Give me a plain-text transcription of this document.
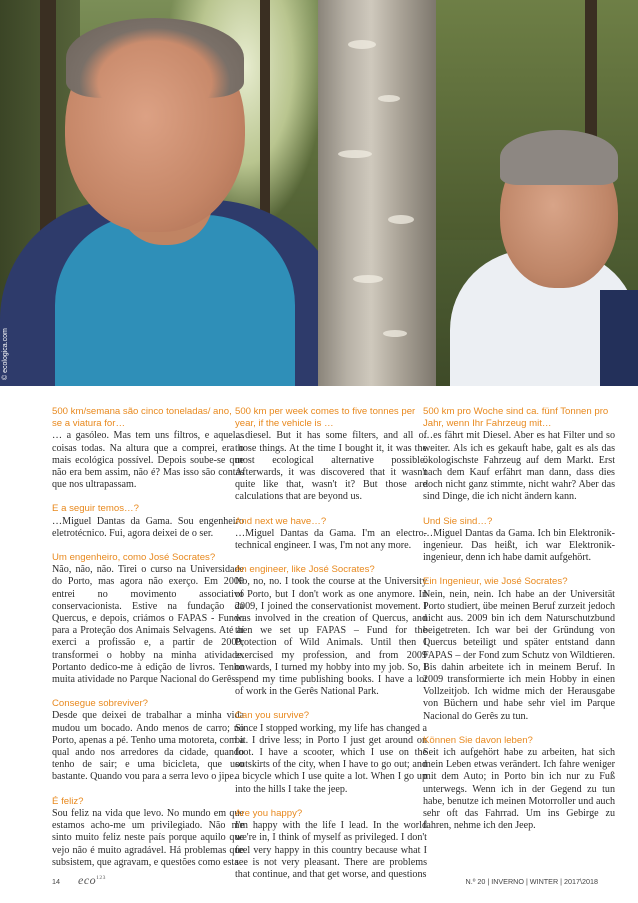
500 km/semana são cinco toneladas/ ano, se a viatura for…
… a gasóleo. Mas tem uns filtros, e aquelas coisas todas. Na altura que a comprei, era o mais ecológica possível. Depois soube-se que não era bem assim, não é? Mas isso são contas que nos ultrapassam.
E a seguir temos…?
…Miguel Dantas da Gama. Sou engenheiro eletrotécnico. Fui, agora deixei de o ser.
Um engenheiro, como José Socrates?
Não, não, não. Tirei o curso na Universidade do Porto, mas agora não exerço. Em 2009 entrei no movimento associativo conservacionista. Estive na fundação da Quercus, e depois, criámos o FAPAS - Fundo para a Proteção dos Animais Selvagens. Até aí exerci a profissão e, a partir de 2009, transformei o hobby na minha atividade. Portanto dedico-me à edição de livros. Tenho muita atividade no Parque Nacional do Gerês.
Consegue sobreviver?
Desde que deixei de trabalhar a minha vida mudou um bocado. Ando menos de carro; no Porto, apenas a pé. Tenho uma motoreta, com a qual ando nos arredores da cidade, quando tenho de sair; e uma bicicleta, que uso bastante. Quando vou para a serra levo o jipe.
É feliz?
Sou feliz na vida que levo. No mundo em que estamos acho-me um privilegiado. Não me sinto muito feliz neste país porque aquilo que vejo não é muito agradável. Há problemas que subsistem, que agravam, e questões como esta
500 km per week comes to five tonnes per year, if the vehicle is …
…diesel. But it has some filters, and all of those things. At the time I bought it, it was the most ecological alternative possible. Afterwards, it was discovered that it wasn't quite like that, wasn't it? But those are calculations that are beyond us.
And next we have…?
…Miguel Dantas da Gama. I'm an electro-technical engineer. I was, I'm not any more.
An engineer, like José Socrates?
No, no, no. I took the course at the University of Porto, but I don't work as one anymore. In 2009, I joined the conservationist movement. I was involved in the creation of Quercus, and then we set up FAPAS – Fund for the Protection of Wild Animals. Until then I exercised my profession, and from 2009 onwards, I turned my hobby into my job. So, I spend my time publishing books. I have a lot of work in the Gerês National Park.
Can you survive?
Since I stopped working, my life has changed a bit. I drive less; in Porto I just get around on foot. I have a scooter, which I use on the outskirts of the city, when I have to go out; and a bicycle which I use quite a lot. When I go up into the hills I take the jeep.
Are you happy?
I'm happy with the life I lead. In the world we're in, I think of myself as privileged. I don't feel very happy in this country because what I see is not very pleasant. There are problems that continue, and that get worse, and questions
500 km pro Woche sind ca. fünf Tonnen pro Jahr, wenn Ihr Fahrzeug mit…
…es fährt mit Diesel. Aber es hat Filter und so weiter. Als ich es gekauft habe, galt es als das ökologischste Fahrzeug auf dem Markt. Erst nach dem Kauf erfährt man dann, dass dies doch nicht ganz stimmte, nicht wahr? Aber das sind Dinge, die ich nicht ändern kann.
Und Sie sind…?
…Miguel Dantas da Gama. Ich bin Elektronik-ingenieur. Das heißt, ich war Elektronik-ingenieur, denn ich habe damit aufgehört.
Ein Ingenieur, wie José Socrates?
Nein, nein, nein. Ich habe an der Universität Porto studiert, übe meinen Beruf zurzeit jedoch nicht aus. 2009 bin ich dem Naturschutzbund beigetreten. Ich war bei der Gründung von Quercus beteiligt und später entstand dann FAPAS – der Fond zum Schutz von Wildtieren. Bis dahin arbeitete ich in meinem Beruf. In 2009 transformierte ich mein Hobby in einen Vollzeitjob. Ich widme mich der Herausgabe von Büchern und habe sehr viel im Parque Nacional do Gerês zu tun.
Können Sie davon leben?
Seit ich aufgehört habe zu arbeiten, hat sich mein Leben etwas verändert. Ich fahre weniger mit dem Auto; in Porto bin ich nur zu Fuß unterwegs. Wenn ich in der Gegend zu tun habe, benutze ich meinen Motorroller und auch sehr oft das Fahrrad. Um ins Gebirge zu fahren, nehme ich den Jeep.
14 eco$^{123}$	N.º 20 | INVERNO | WINTER | 2017\2018
